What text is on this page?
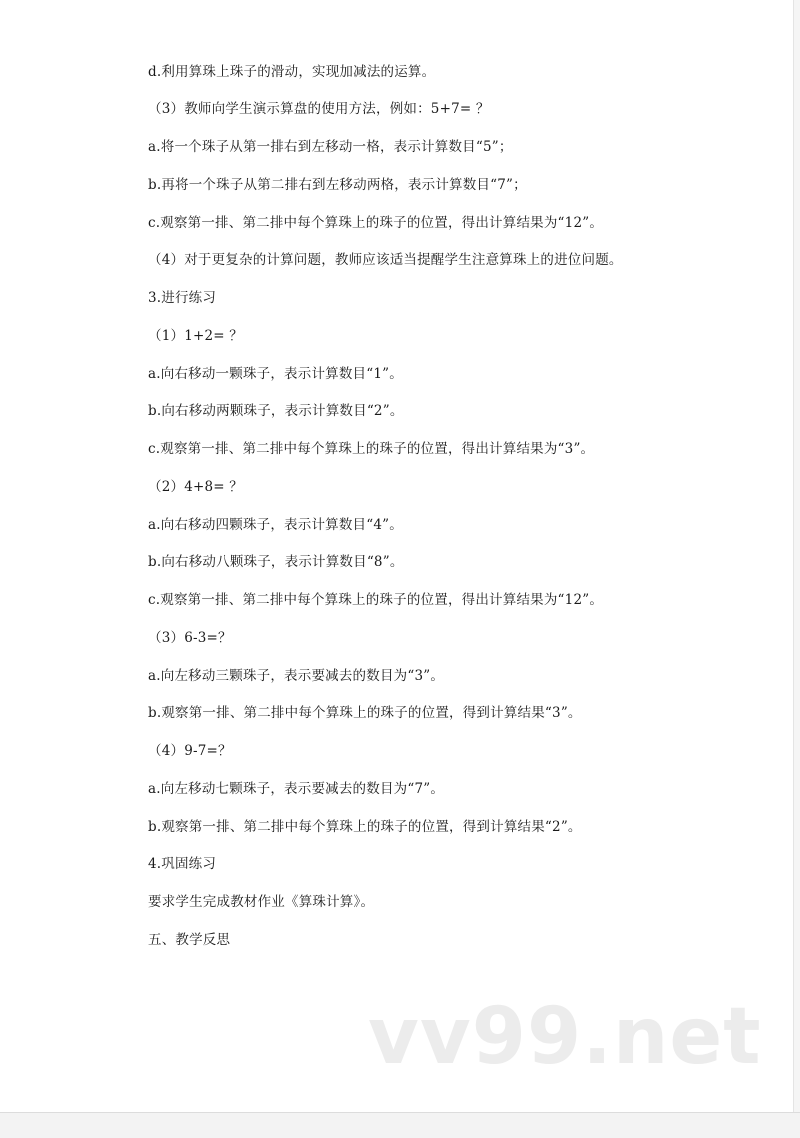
d.利用算珠上珠子的滑动，实现加减法的运算。
（3）教师向学生演示算盘的使用方法，例如：5+7= ？
a.将一个珠子从第一排右到左移动一格，表示计算数目“5”；
b.再将一个珠子从第二排右到左移动两格，表示计算数目“7”；
c.观察第一排、第二排中每个算珠上的珠子的位置，得出计算结果为“12”。
（4）对于更复杂的计算问题，教师应该适当提醒学生注意算珠上的进位问题。
3.进行练习
（1）1+2= ？
a.向右移动一颗珠子，表示计算数目“1”。
b.向右移动两颗珠子，表示计算数目“2”。
c.观察第一排、第二排中每个算珠上的珠子的位置，得出计算结果为“3”。
（2）4+8= ？
a.向右移动四颗珠子，表示计算数目“4”。
b.向右移动八颗珠子，表示计算数目“8”。
c.观察第一排、第二排中每个算珠上的珠子的位置，得出计算结果为“12”。
（3）6-3=？
a.向左移动三颗珠子，表示要减去的数目为“3”。
b.观察第一排、第二排中每个算珠上的珠子的位置，得到计算结果“3”。
（4）9-7=？
a.向左移动七颗珠子，表示要减去的数目为“7”。
b.观察第一排、第二排中每个算珠上的珠子的位置，得到计算结果“2”。
4.巩固练习
要求学生完成教材作业《算珠计算》。
五、教学反思
vv99.net
